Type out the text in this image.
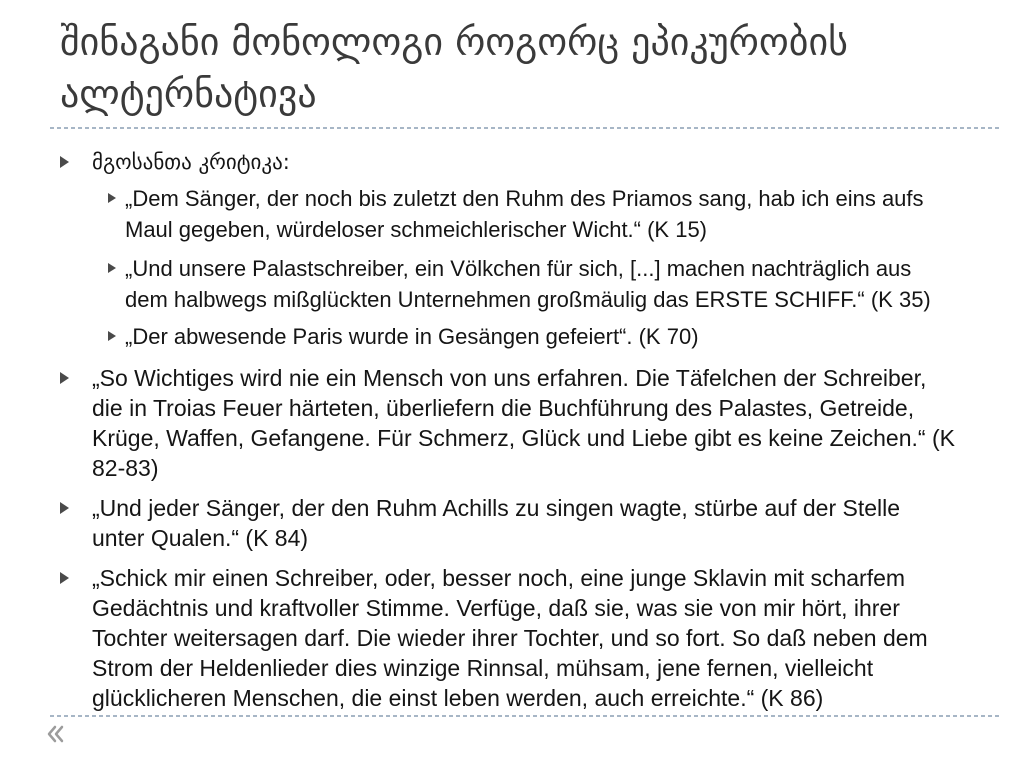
შინაგანი მონოლოგი როგორც ეპიკურობის ალტერნატივა
მგოსანთა კრიტიკა:
„Dem Sänger, der noch bis zuletzt den Ruhm des Priamos sang, hab ich eins aufs
Maul gegeben, würdeloser schmeichlerischer Wicht.“ (K 15)
„Und unsere Palastschreiber, ein Völkchen für sich, [...] machen nachträglich aus
dem halbwegs mißglückten Unternehmen großmäulig das ERSTE SCHIFF.“ (K 35)
„Der abwesende Paris wurde in Gesängen gefeiert“. (K 70)
„So Wichtiges wird nie ein Mensch von uns erfahren. Die Täfelchen der Schreiber,
die in Troias Feuer härteten, überliefern die Buchführung des Palastes, Getreide,
Krüge, Waffen, Gefangene. Für Schmerz, Glück und Liebe gibt es keine Zeichen.“ (K
82-83)
„Und jeder Sänger, der den Ruhm Achills zu singen wagte, stürbe auf der Stelle
unter Qualen.“ (K 84)
„Schick mir einen Schreiber, oder, besser noch, eine junge Sklavin mit scharfem
Gedächtnis und kraftvoller Stimme. Verfüge, daß sie, was sie von mir hört, ihrer
Tochter weitersagen darf. Die wieder ihrer Tochter, und so fort. So daß neben dem
Strom der Heldenlieder dies winzige Rinnsal, mühsam, jene fernen, vielleicht
glücklicheren Menschen, die einst leben werden, auch erreichte.“ (K 86)
